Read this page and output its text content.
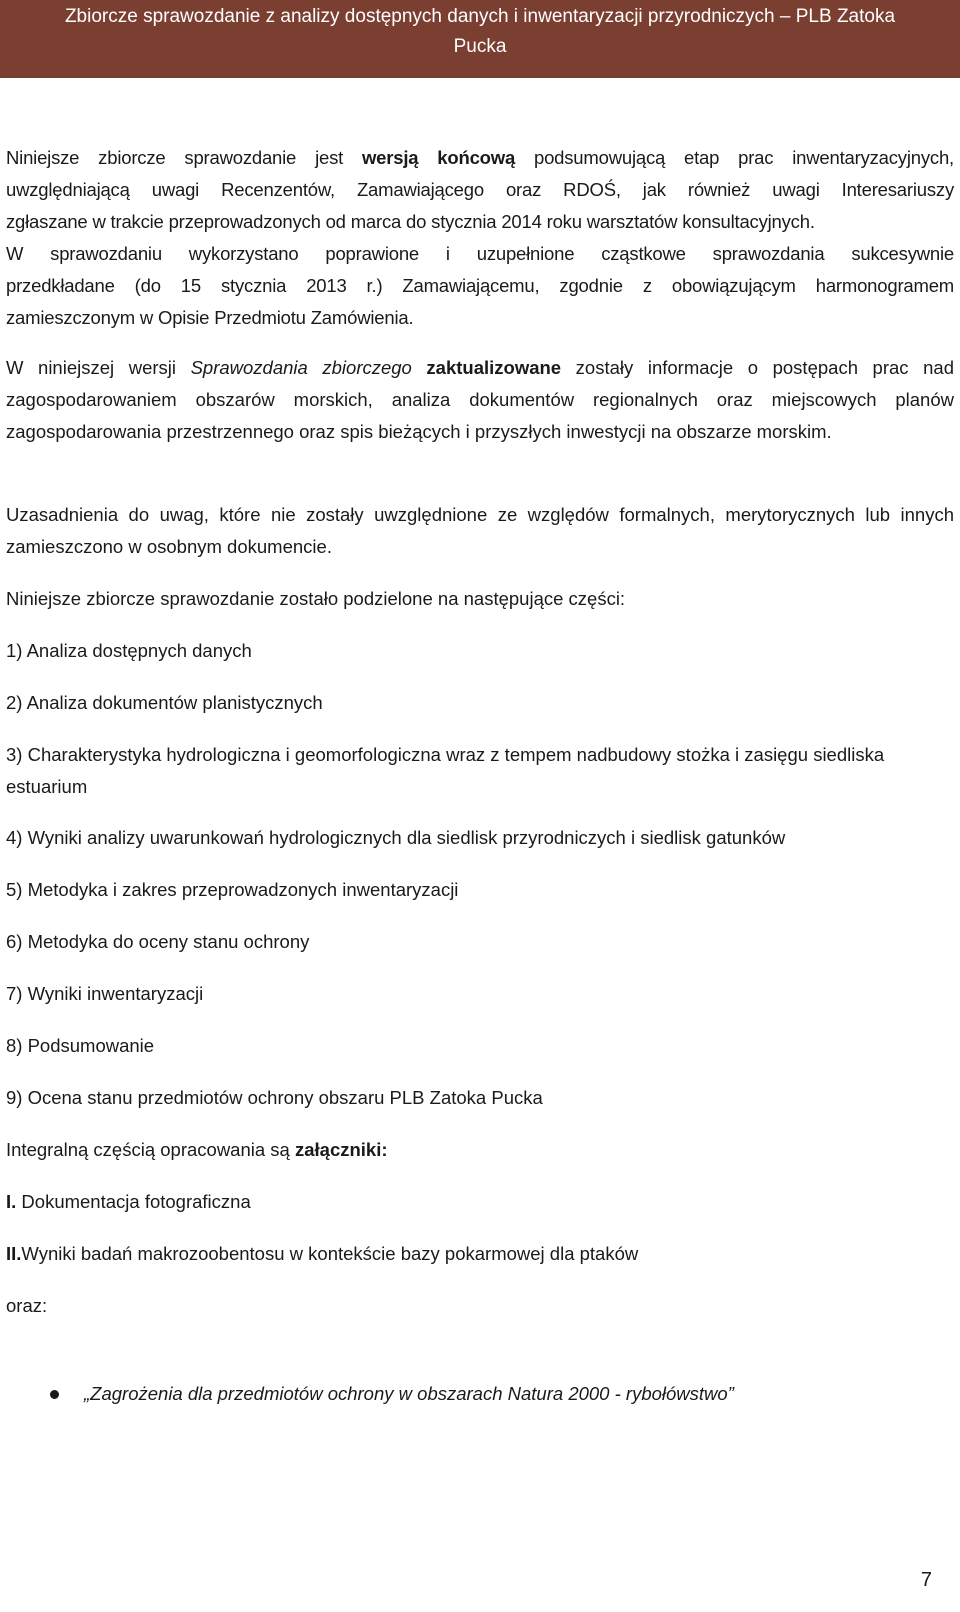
Zbiorcze sprawozdanie z analizy dostępnych danych i inwentaryzacji przyrodniczych – PLB Zatoka
Pucka
Niniejsze zbiorcze sprawozdanie jest wersją końcową podsumowującą etap prac inwentaryzacyjnych,
uwzględniającą uwagi Recenzentów, Zamawiającego oraz RDOŚ, jak również uwagi Interesariuszy
zgłaszane w trakcie przeprowadzonych od marca do stycznia 2014 roku warsztatów konsultacyjnych.
W sprawozdaniu wykorzystano poprawione i uzupełnione cząstkowe sprawozdania sukcesywnie
przedkładane (do 15 stycznia 2013 r.) Zamawiającemu, zgodnie z obowiązującym harmonogramem
zamieszczonym w Opisie Przedmiotu Zamówienia.

W niniejszej wersji Sprawozdania zbiorczego zaktualizowane zostały informacje o postępach prac nad zagospodarowaniem obszarów morskich, analiza dokumentów regionalnych oraz miejscowych planów zagospodarowania przestrzennego oraz spis bieżących i przyszłych inwestycji na obszarze morskim.

Uzasadnienia do uwag, które nie zostały uwzględnione ze względów formalnych, merytorycznych lub innych zamieszczono w osobnym dokumencie.

Niniejsze zbiorcze sprawozdanie zostało podzielone na następujące części:

1) Analiza dostępnych danych

2) Analiza dokumentów planistycznych

3) Charakterystyka hydrologiczna i geomorfologiczna wraz z tempem nadbudowy stożka i zasięgu siedliska estuarium

4) Wyniki analizy uwarunkowań hydrologicznych dla siedlisk przyrodniczych i siedlisk gatunków

5) Metodyka i zakres przeprowadzonych inwentaryzacji

6) Metodyka do oceny stanu ochrony

7) Wyniki inwentaryzacji

8) Podsumowanie

9) Ocena stanu przedmiotów ochrony obszaru PLB Zatoka Pucka

Integralną częścią opracowania są załączniki:

I. Dokumentacja fotograficzna

II.Wyniki badań makrozoobentosu w kontekście bazy pokarmowej dla ptaków

oraz:

„Zagrożenia dla przedmiotów ochrony w obszarach Natura 2000 - rybołówstwo”
7
